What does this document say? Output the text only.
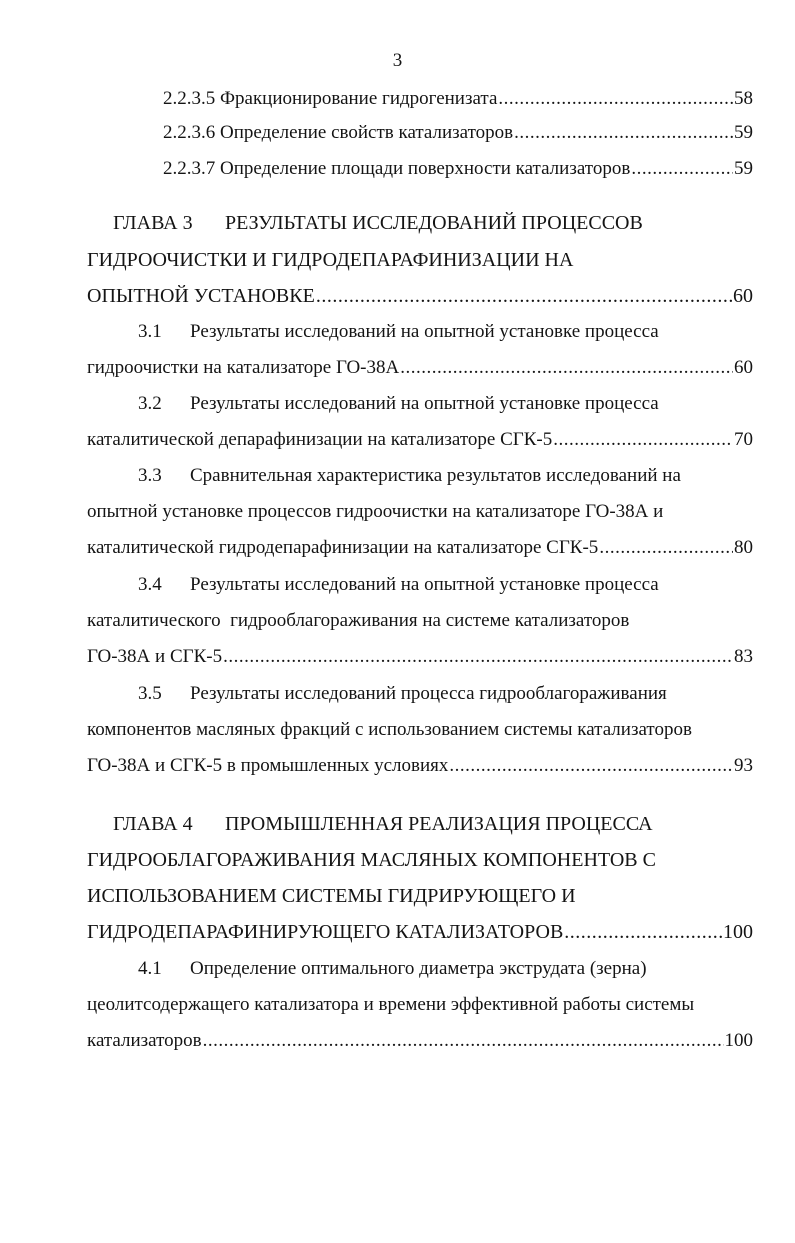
3
2.2.3.5 Фракционирование гидрогенизата .....	58
2.2.3.6 Определение свойств катализаторов .....	59
2.2.3.7 Определение площади поверхности катализаторов .....	59
ГЛАВА 3 РЕЗУЛЬТАТЫ ИССЛЕДОВАНИЙ ПРОЦЕССОВ
ГИДРООЧИСТКИ И ГИДРОДЕПАРАФИНИЗАЦИИ НА
ОПЫТНОЙ УСТАНОВКЕ .....	60
3.1 Результаты исследований на опытной установке процесса
гидроочистки на катализаторе ГО-38А .....	60
3.2 Результаты исследований на опытной установке процесса
каталитической депарафинизации на катализаторе СГК-5 .....	70
3.3 Сравнительная характеристика результатов исследований на
опытной установке процессов гидроочистки на катализаторе ГО-38А и
каталитической гидродепарафинизации на катализаторе СГК-5 .....	80
3.4 Результаты исследований на опытной установке процесса
каталитического  гидрооблагораживания на системе катализаторов
ГО-38А и СГК-5 .....	83
3.5 Результаты исследований процесса гидрооблагораживания
компонентов масляных фракций с использованием системы катализаторов
ГО-38А и СГК-5 в промышленных условиях .....	93
ГЛАВА 4 ПРОМЫШЛЕННАЯ РЕАЛИЗАЦИЯ ПРОЦЕССА
ГИДРООБЛАГОРАЖИВАНИЯ МАСЛЯНЫХ КОМПОНЕНТОВ С
ИСПОЛЬЗОВАНИЕМ СИСТЕМЫ ГИДРИРУЮЩЕГО И
ГИДРОДЕПАРАФИНИРУЮЩЕГО КАТАЛИЗАТОРОВ .....	100
4.1 Определение оптимального диаметра экструдата (зерна)
цеолитсодержащего катализатора и времени эффективной работы системы
катализаторов .....	100
